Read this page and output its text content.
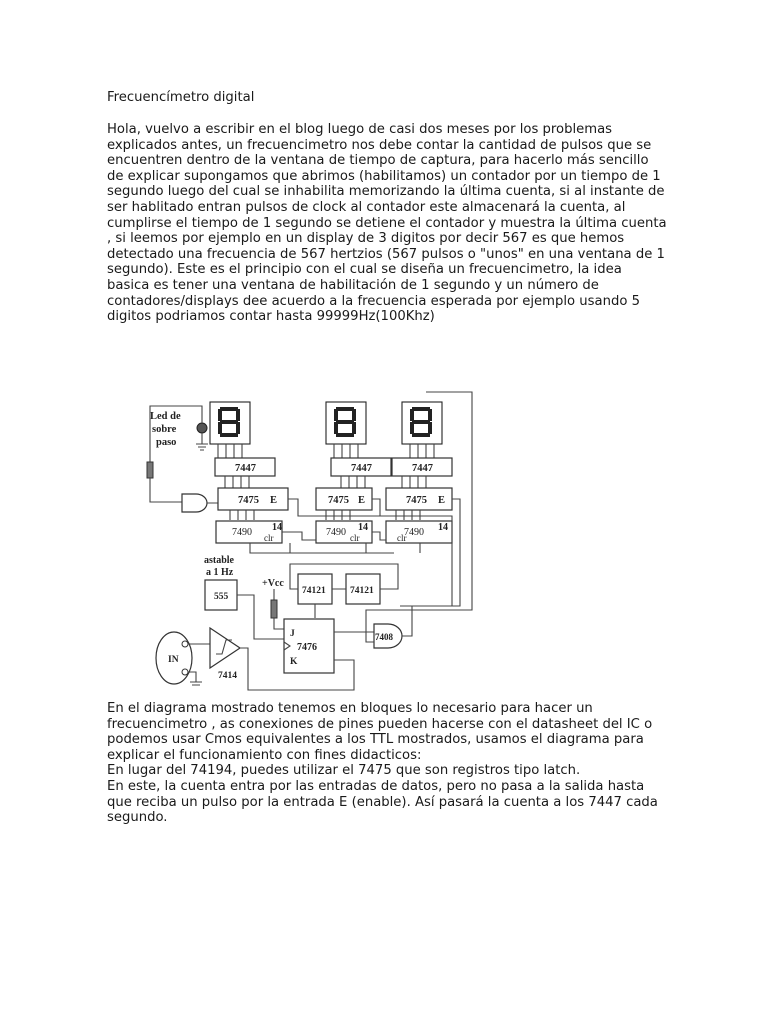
Frecuencímetro digital

Hola, vuelvo a escribir en el blog luego de casi dos meses por los problemas explicados antes, un frecuencimetro nos debe contar la cantidad de pulsos que se encuentren dentro de la ventana de tiempo de captura, para hacerlo más sencillo de explicar supongamos que abrimos (habilitamos) un contador por un tiempo de 1 segundo luego del cual se inhabilita memorizando la última cuenta, si al instante de ser hablitado entran pulsos de clock al contador este almacenará la cuenta, al cumplirse el tiempo de 1 segundo se detiene el contador y muestra la última cuenta , si leemos por ejemplo en un display de 3 digitos por decir 567 es que hemos detectado una frecuencia de 567 hertzios (567 pulsos o "unos" en una ventana de 1 segundo). Este es el principio con el cual se diseña un frecuencimetro, la idea basica es tener una ventana de habilitación de 1 segundo y un número de contadores/displays dee acuerdo a la frecuencia esperada por ejemplo usando 5 digitos podriamos contar hasta 99999Hz(100Khz)

Led de
sobre
paso
7447
7475 E
7490 clr
14
7447
7475 E
7490 clr
14
7447
7475 E
7490
clr
14
astable
a 1 Hz
555
+Vcc
74121	74121
J
7476
K
7408
IN
7414
En el diagrama mostrado tenemos en bloques lo necesario para hacer un frecuencimetro , as conexiones de pines pueden hacerse con el datasheet del IC o podemos usar Cmos equivalentes a los TTL mostrados, usamos el diagrama para explicar el funcionamiento con fines didacticos:
En lugar del 74194, puedes utilizar el 7475 que son registros tipo latch.
En este, la cuenta entra por las entradas de datos, pero no pasa a la salida hasta que reciba un pulso por la entrada E (enable). Así pasará la cuenta a los 7447 cada segundo.
